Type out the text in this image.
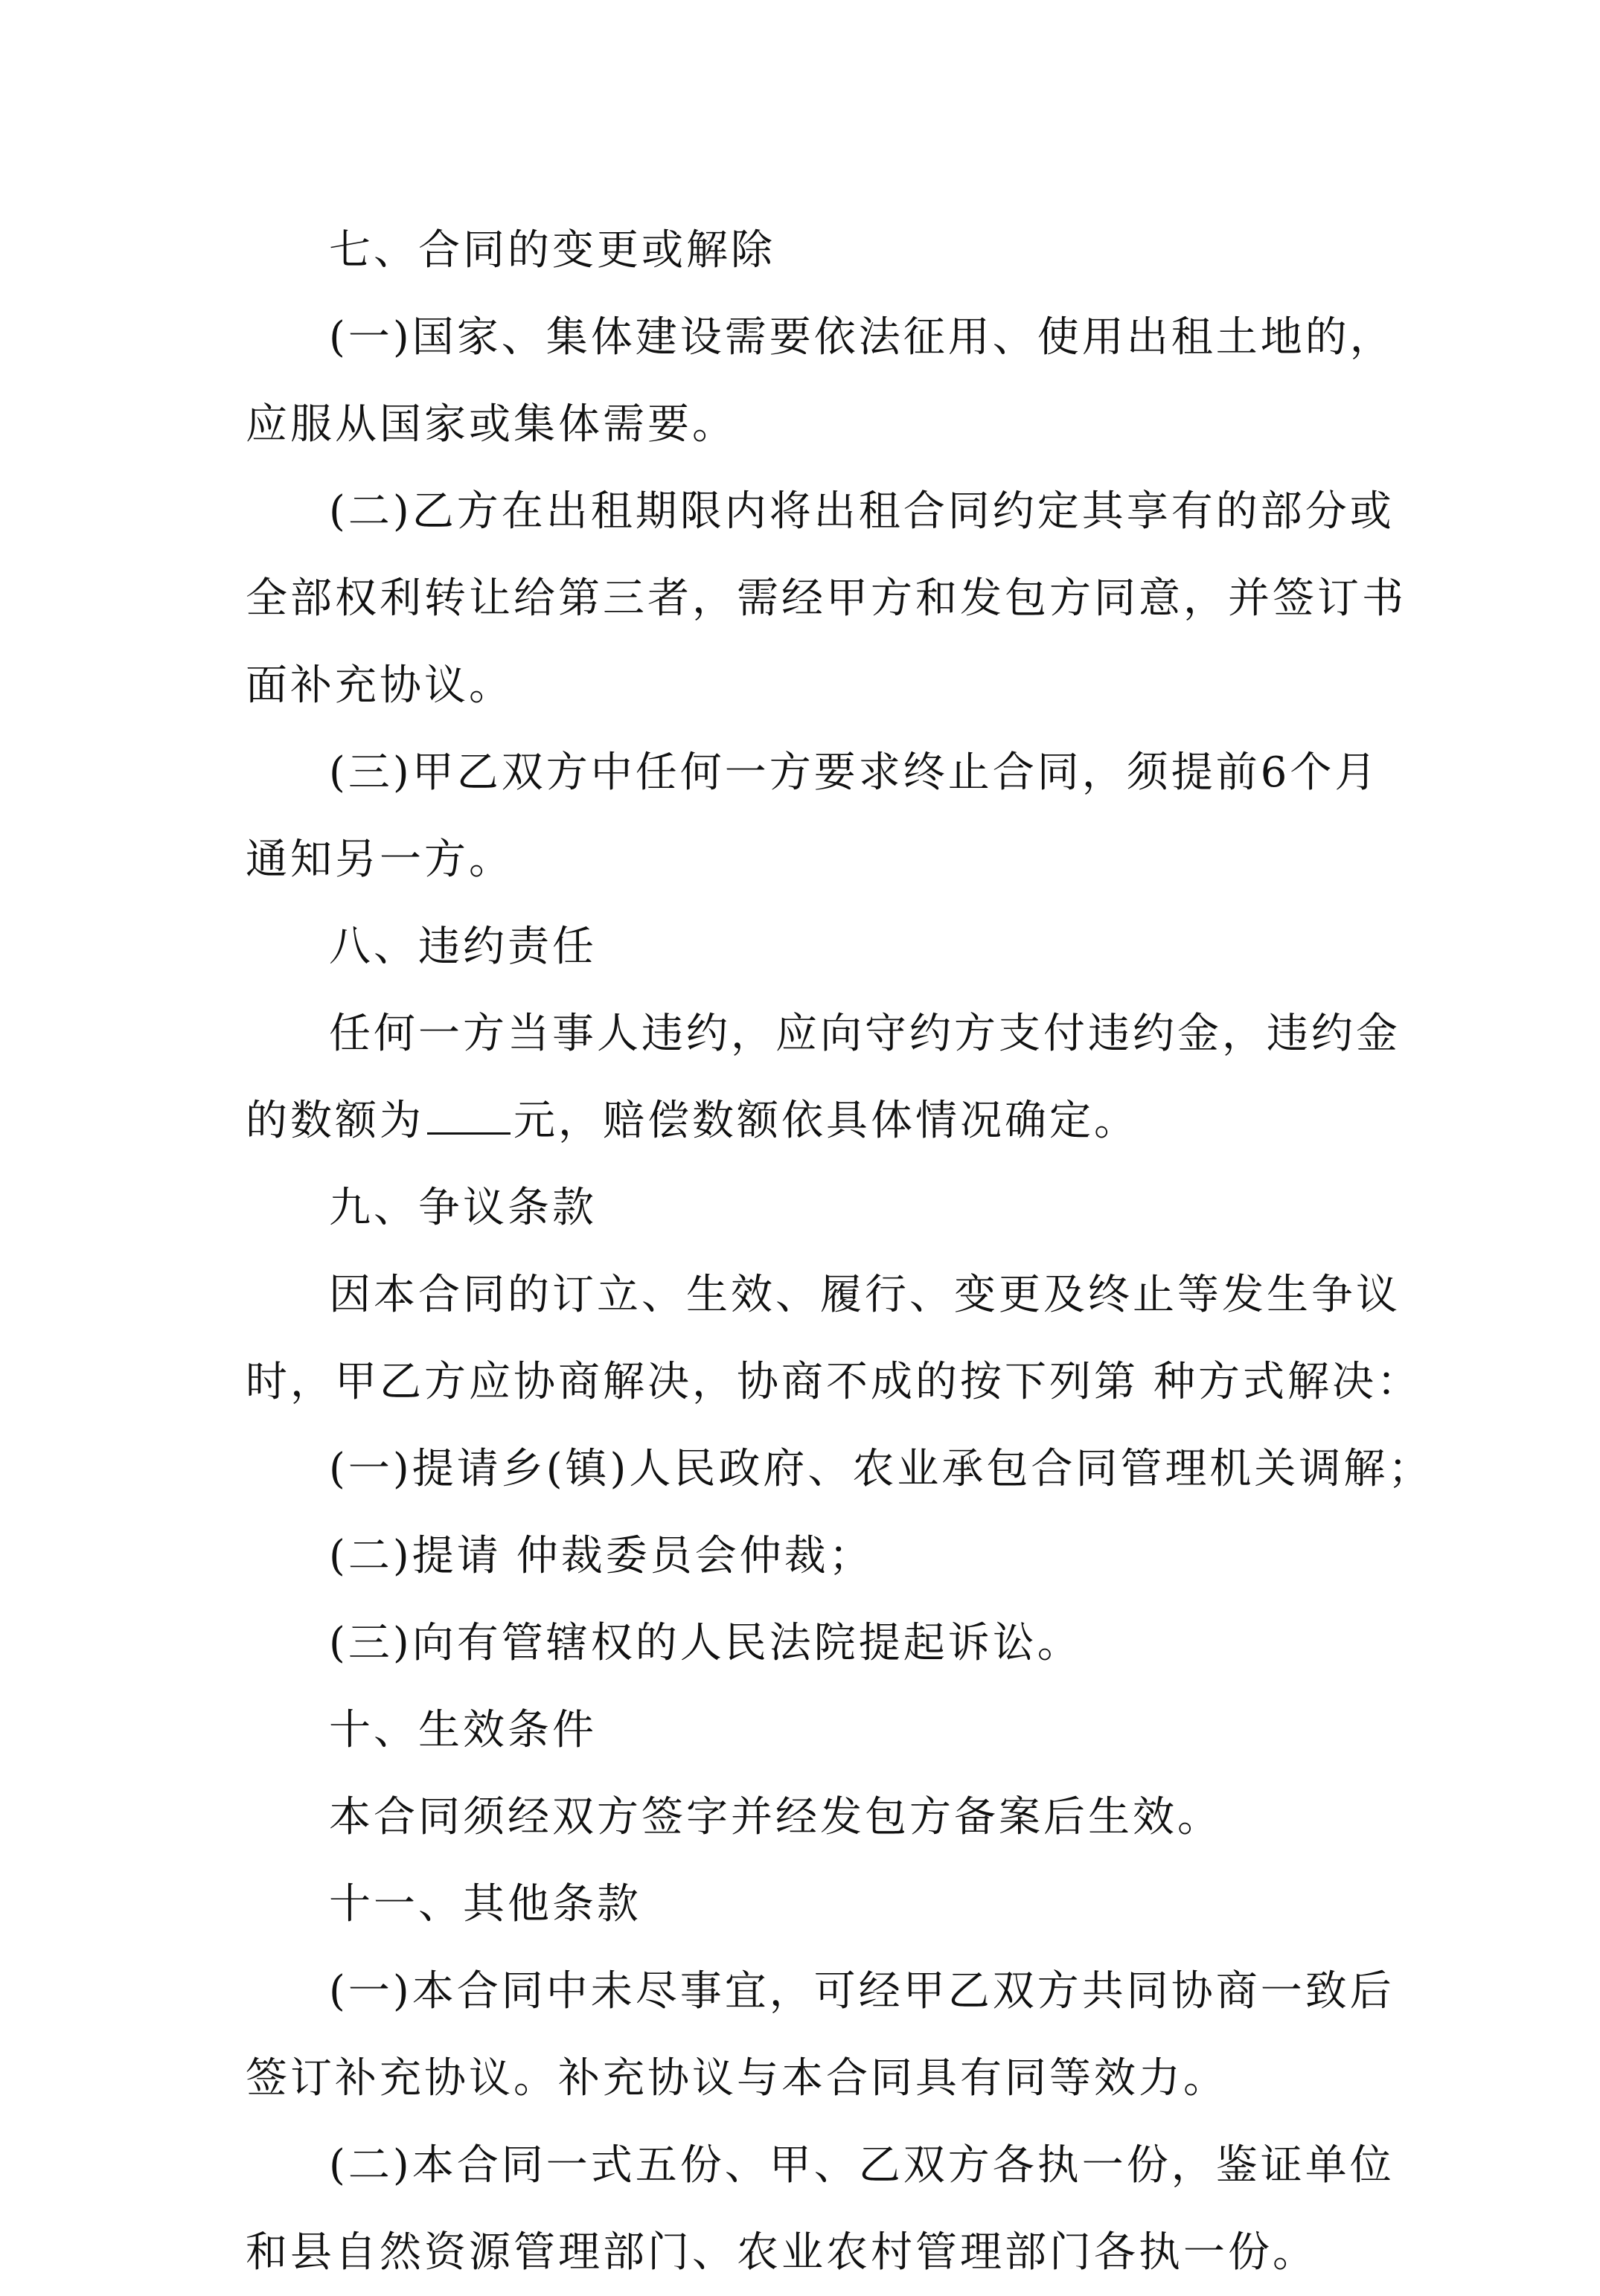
七、合同的变更或解除
(一)国家、集体建设需要依法征用、使用出租土地的，
应服从国家或集体需要。
(二)乙方在出租期限内将出租合同约定其享有的部分或
全部权利转让给第三者，需经甲方和发包方同意，并签订书
面补充协议。
(三)甲乙双方中任何一方要求终止合同，须提前6个月
通知另一方。
八、违约责任
任何一方当事人违约，应向守约方支付违约金，违约金
的数额为 元，赔偿数额依具体情况确定。
九、争议条款
因本合同的订立、生效、履行、变更及终止等发生争议
时，甲乙方应协商解决，协商不成的按下列第 种方式解决：
(一)提请乡(镇)人民政府、农业承包合同管理机关调解；
(二)提请 仲裁委员会仲裁；
(三)向有管辖权的人民法院提起诉讼。
十、生效条件
本合同须经双方签字并经发包方备案后生效。
十一、其他条款
(一)本合同中未尽事宜，可经甲乙双方共同协商一致后
签订补充协议。补充协议与本合同具有同等效力。
(二)本合同一式五份、甲、乙双方各执一份，鉴证单位
和县自然资源管理部门、农业农村管理部门各执一份。
